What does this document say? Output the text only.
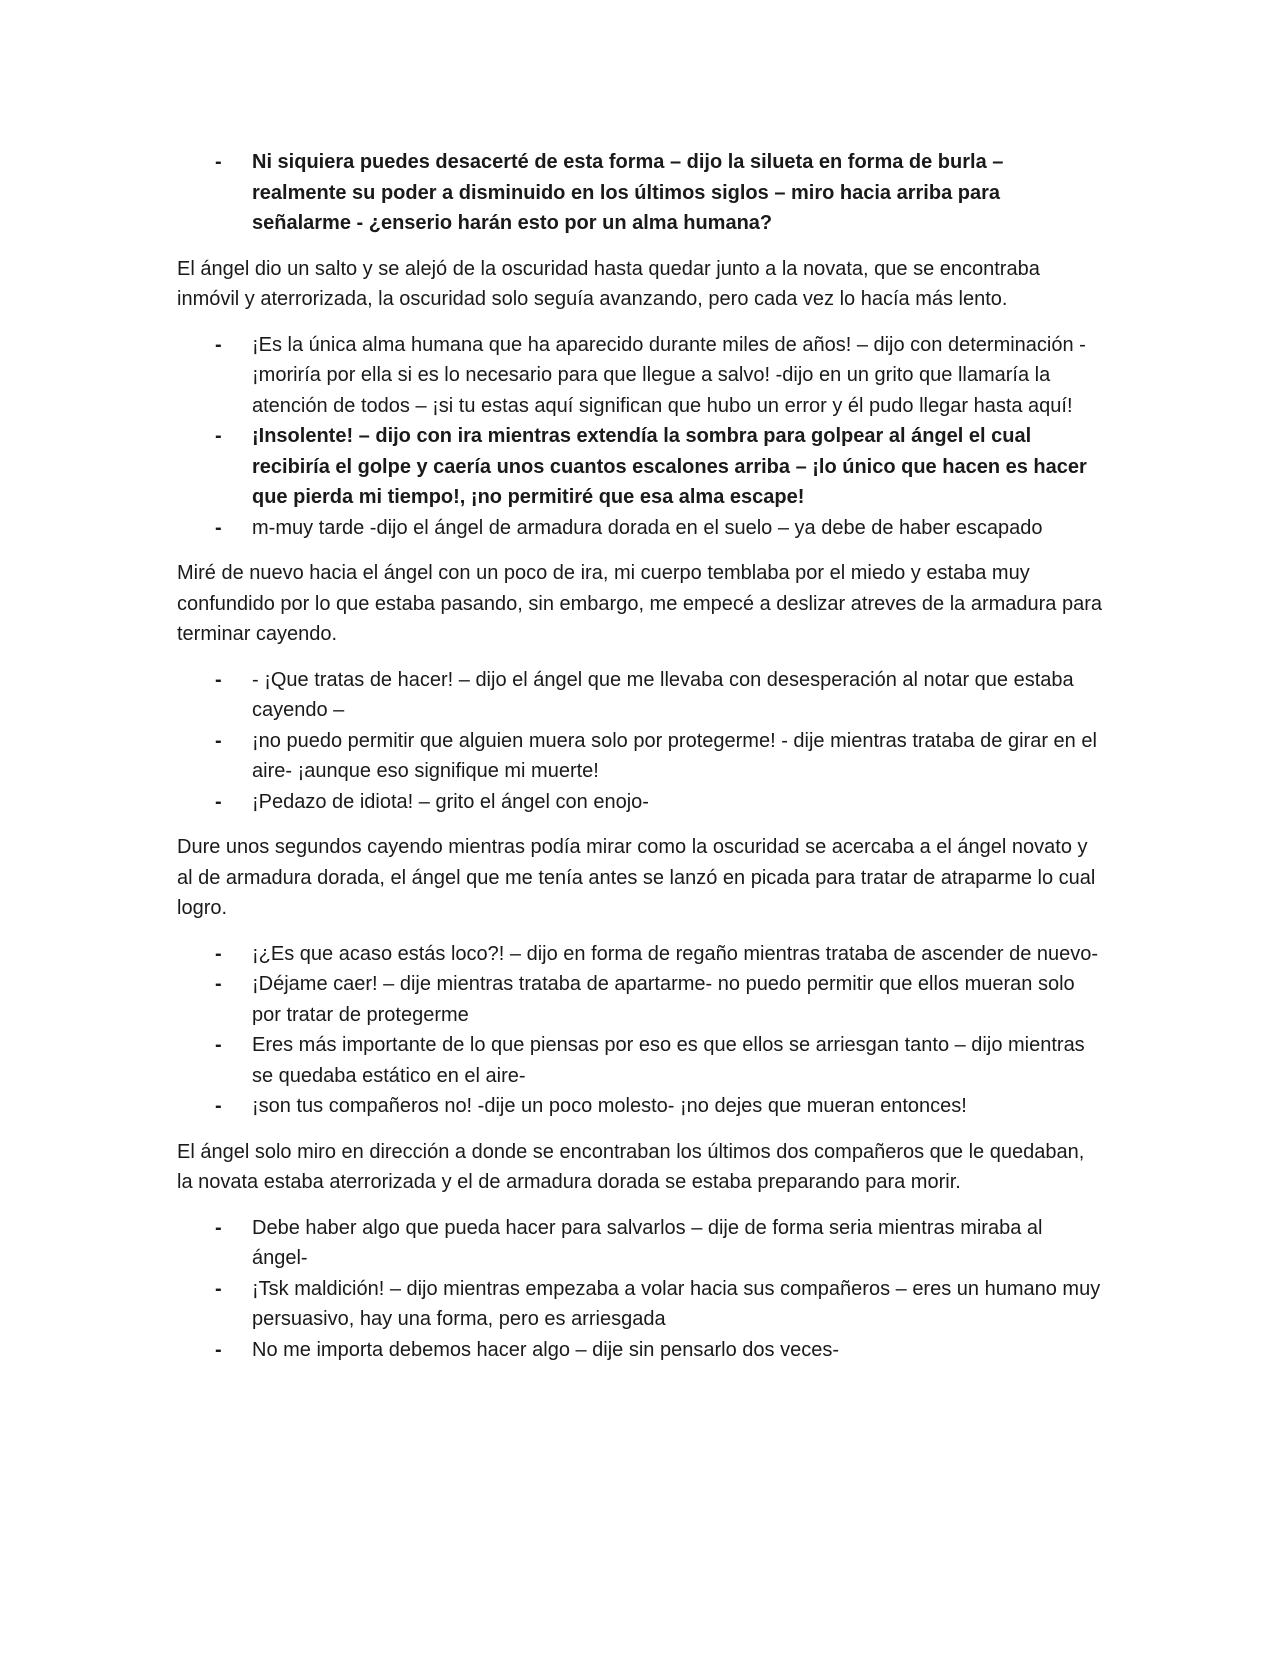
- Ni siquiera puedes desacerté de esta forma – dijo la silueta en forma de burla – realmente su poder a disminuido en los últimos siglos – miro hacia arriba para señalarme - ¿enserio harán esto por un alma humana?

El ángel dio un salto y se alejó de la oscuridad hasta quedar junto a la novata, que se encontraba inmóvil y aterrorizada, la oscuridad solo seguía avanzando, pero cada vez lo hacía más lento.

- ¡Es la única alma humana que ha aparecido durante miles de años! – dijo con determinación - ¡moriría por ella si es lo necesario para que llegue a salvo! -dijo en un grito que llamaría la atención de todos – ¡si tu estas aquí significan que hubo un error y él pudo llegar hasta aquí!
- ¡Insolente! – dijo con ira mientras extendía la sombra para golpear al ángel el cual recibiría el golpe y caería unos cuantos escalones arriba – ¡lo único que hacen es hacer que pierda mi tiempo!, ¡no permitiré que esa alma escape!
- m-muy tarde -dijo el ángel de armadura dorada en el suelo – ya debe de haber escapado

Miré de nuevo hacia el ángel con un poco de ira, mi cuerpo temblaba por el miedo y estaba muy confundido por lo que estaba pasando, sin embargo, me empecé a deslizar atreves de la armadura para terminar cayendo.

- - ¡Que tratas de hacer! – dijo el ángel que me llevaba con desesperación al notar que estaba cayendo –
- ¡no puedo permitir que alguien muera solo por protegerme! - dije mientras trataba de girar en el aire- ¡aunque eso signifique mi muerte!
- ¡Pedazo de idiota! – grito el ángel con enojo-

Dure unos segundos cayendo mientras podía mirar como la oscuridad se acercaba a el ángel novato y al de armadura dorada, el ángel que me tenía antes se lanzó en picada para tratar de atraparme lo cual logro.

- ¡¿Es que acaso estás loco?! – dijo en forma de regaño mientras trataba de ascender de nuevo-
- ¡Déjame caer! – dije mientras trataba de apartarme- no puedo permitir que ellos mueran solo por tratar de protegerme
- Eres más importante de lo que piensas por eso es que ellos se arriesgan tanto – dijo mientras se quedaba estático en el aire-
- ¡son tus compañeros no! -dije un poco molesto- ¡no dejes que mueran entonces!

El ángel solo miro en dirección a donde se encontraban los últimos dos compañeros que le quedaban, la novata estaba aterrorizada y el de armadura dorada se estaba preparando para morir.

- Debe haber algo que pueda hacer para salvarlos – dije de forma seria mientras miraba al ángel-
- ¡Tsk maldición! – dijo mientras empezaba a volar hacia sus compañeros – eres un humano muy persuasivo, hay una forma, pero es arriesgada
- No me importa debemos hacer algo – dije sin pensarlo dos veces-
